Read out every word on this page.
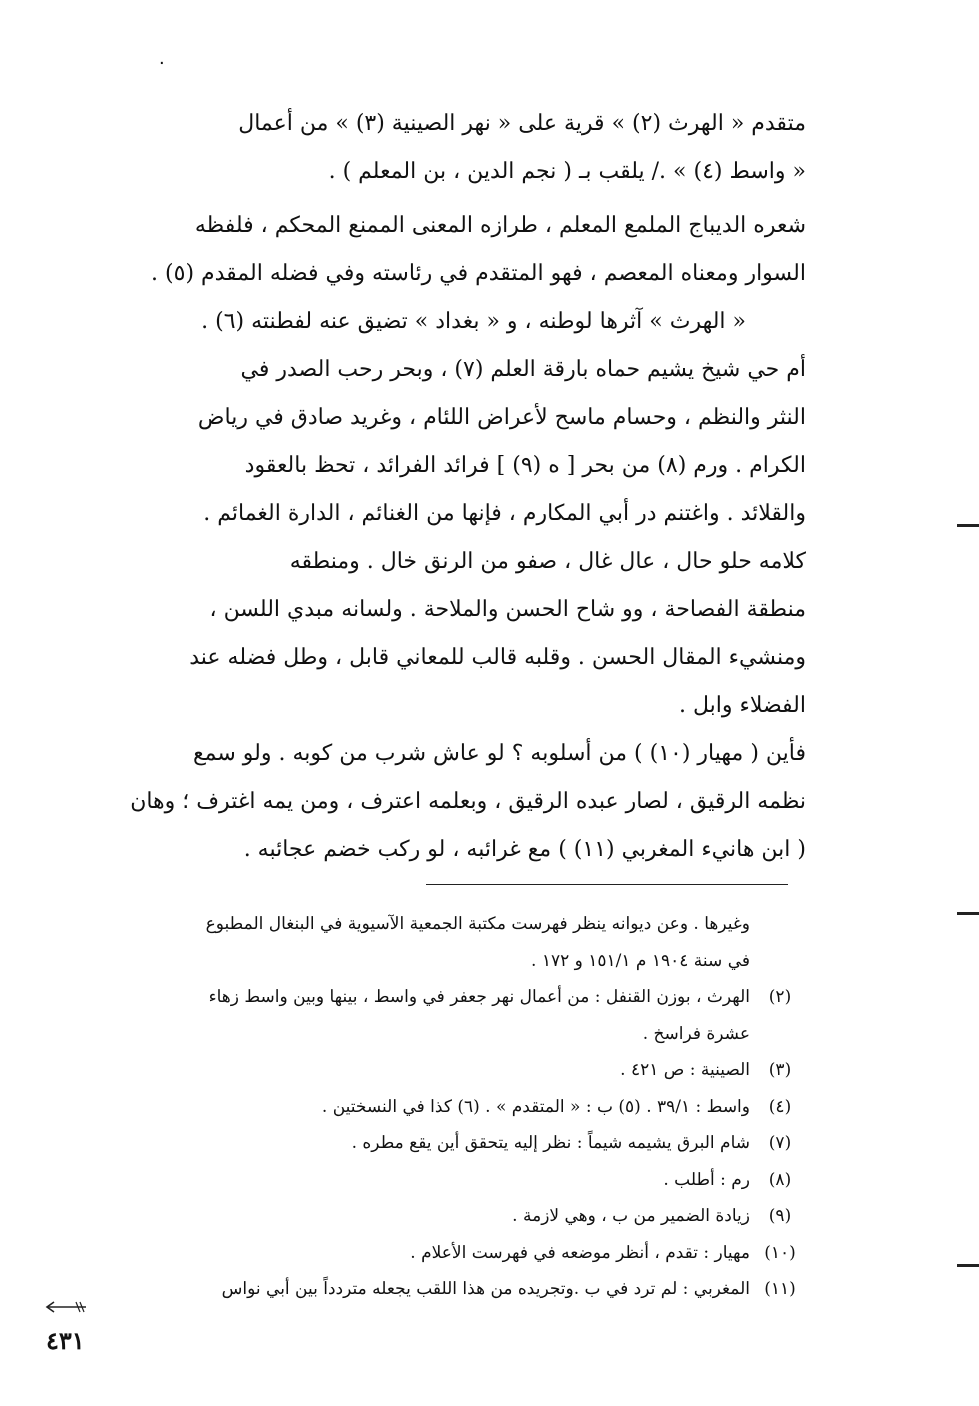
٠
متقدم « الهرث (٢) » قرية على « نهر الصينية (٣) » من أعمال
« واسط (٤) » ./ يلقب بـ ( نجم الدين ، بن المعلم ) .
شعره الديباج الملمع المعلم ، طرازه المعنى الممنع المحكم ، فلفظه
السوار ومعناه المعصم ، فهو المتقدم في رئاسته وفي فضله المقدم (٥) .
« الهرث » آثرها لوطنه ، و « بغداد » تضيق عنه لفطنته (٦) .
أم حي شيخ يشيم حماه بارقة العلم (٧) ، وبحر رحب الصدر في
النثر والنظم ، وحسام ماسح لأعراض اللئام ، وغريد صادق في رياض
الكرام . ورم (٨) من بحر [ ه (٩) ] فرائد الفرائد ، تحظ بالعقود
والقلائد . واغتنم در أبي المكارم ، فإنها من الغنائم ، الدارة الغمائم .
كلامه حلو حال ، عال غال ، صفو من الرنق خال . ومنطقه
منطقة الفصاحة ، وو شاح الحسن والملاحة . ولسانه مبدي اللسن ،
ومنشيء المقال الحسن . وقلبه قالب للمعاني قابل ، وطل فضله عند
الفضلاء وابل .
فأين ( مهيار (١٠) ) من أسلوبه ؟ لو عاش شرب من كوبه . ولو سمع
نظمه الرقيق ، لصار عبده الرقيق ، وبعلمه اعترف ، ومن يمه اغترف ؛ وهان
( ابن هانيء المغربي (١١) ) مع غرائبه ، لو ركب خضم عجائبه .
وغيرها . وعن ديوانه ينظر فهرست مكتبة الجمعية الآسيوية في البنغال المطبوع
في سنة ١٩٠٤ م ١٥١/١ و ١٧٢ .
(٢)
الهرث ، بوزن القنفل : من أعمال نهر جعفر في واسط ، بينها وبين واسط زهاء
عشرة فراسخ .
(٣)
الصينية : ص ٤٢١ .
(٤)
واسط : ٣٩/١ . (٥) ب : « المتقدم » . (٦) كذا في النسختين .
(٧)
شام البرق يشيمه شيماً : نظر إليه يتحقق أين يقع مطره .
(٨)
رم : أطلب .
(٩)
زيادة الضمير من ب ، وهي لازمة .
(١٠)
مهيار : تقدم ، أنظر موضعه في فهرست الأعلام .
(١١)
المغربي : لم ترد في ب .وتجريده من هذا اللقب يجعله متردداً بين أبي نواس
٤٣١
